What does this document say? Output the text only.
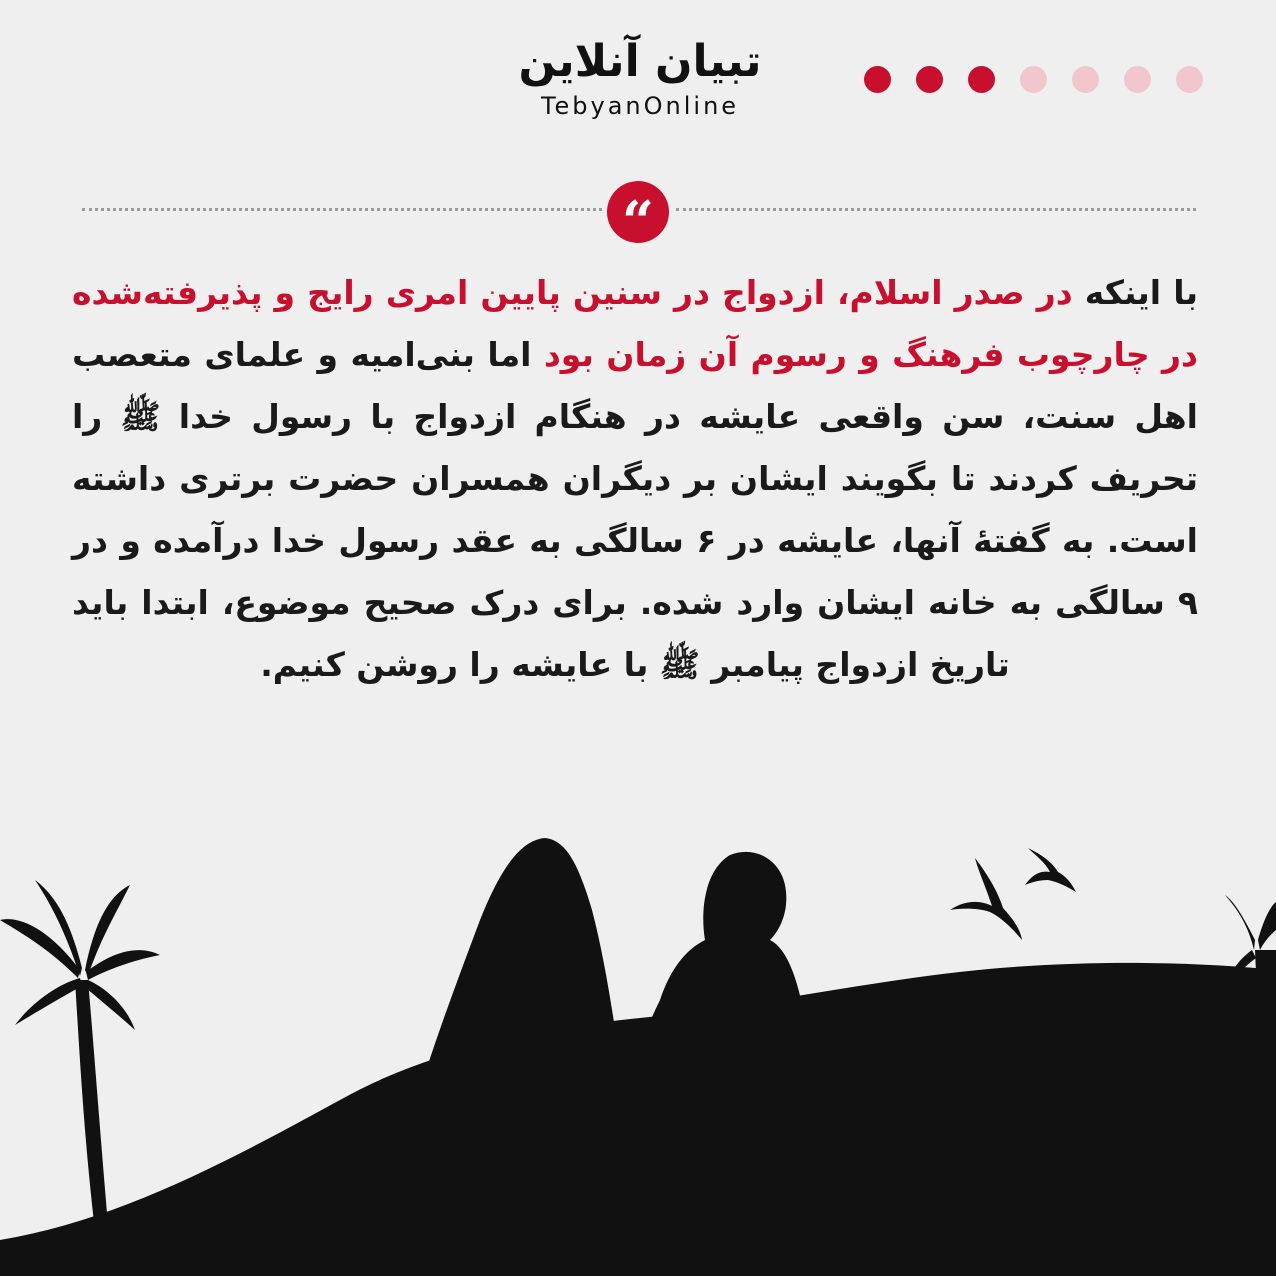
تبیان آنلاین
TebyanOnline
“
با اینکه در صدر اسلام، ازدواج در سنین پایین امری رایج و پذیرفته‌شده در چارچوب فرهنگ و رسوم آن زمان بود اما بنی‌امیه و علمای متعصب اهل سنت، سن واقعی عایشه در هنگام ازدواج با رسول خدا ﷺ را تحریف کردند تا بگویند ایشان بر دیگران همسران حضرت برتری داشته است. به گفتهٔ آنها، عایشه در ۶ سالگی به عقد رسول خدا درآمده و در ۹ سالگی به خانه ایشان وارد شده. برای درک صحیح موضوع، ابتدا باید تاریخ ازدواج پیامبر ﷺ با عایشه را روشن کنیم.
